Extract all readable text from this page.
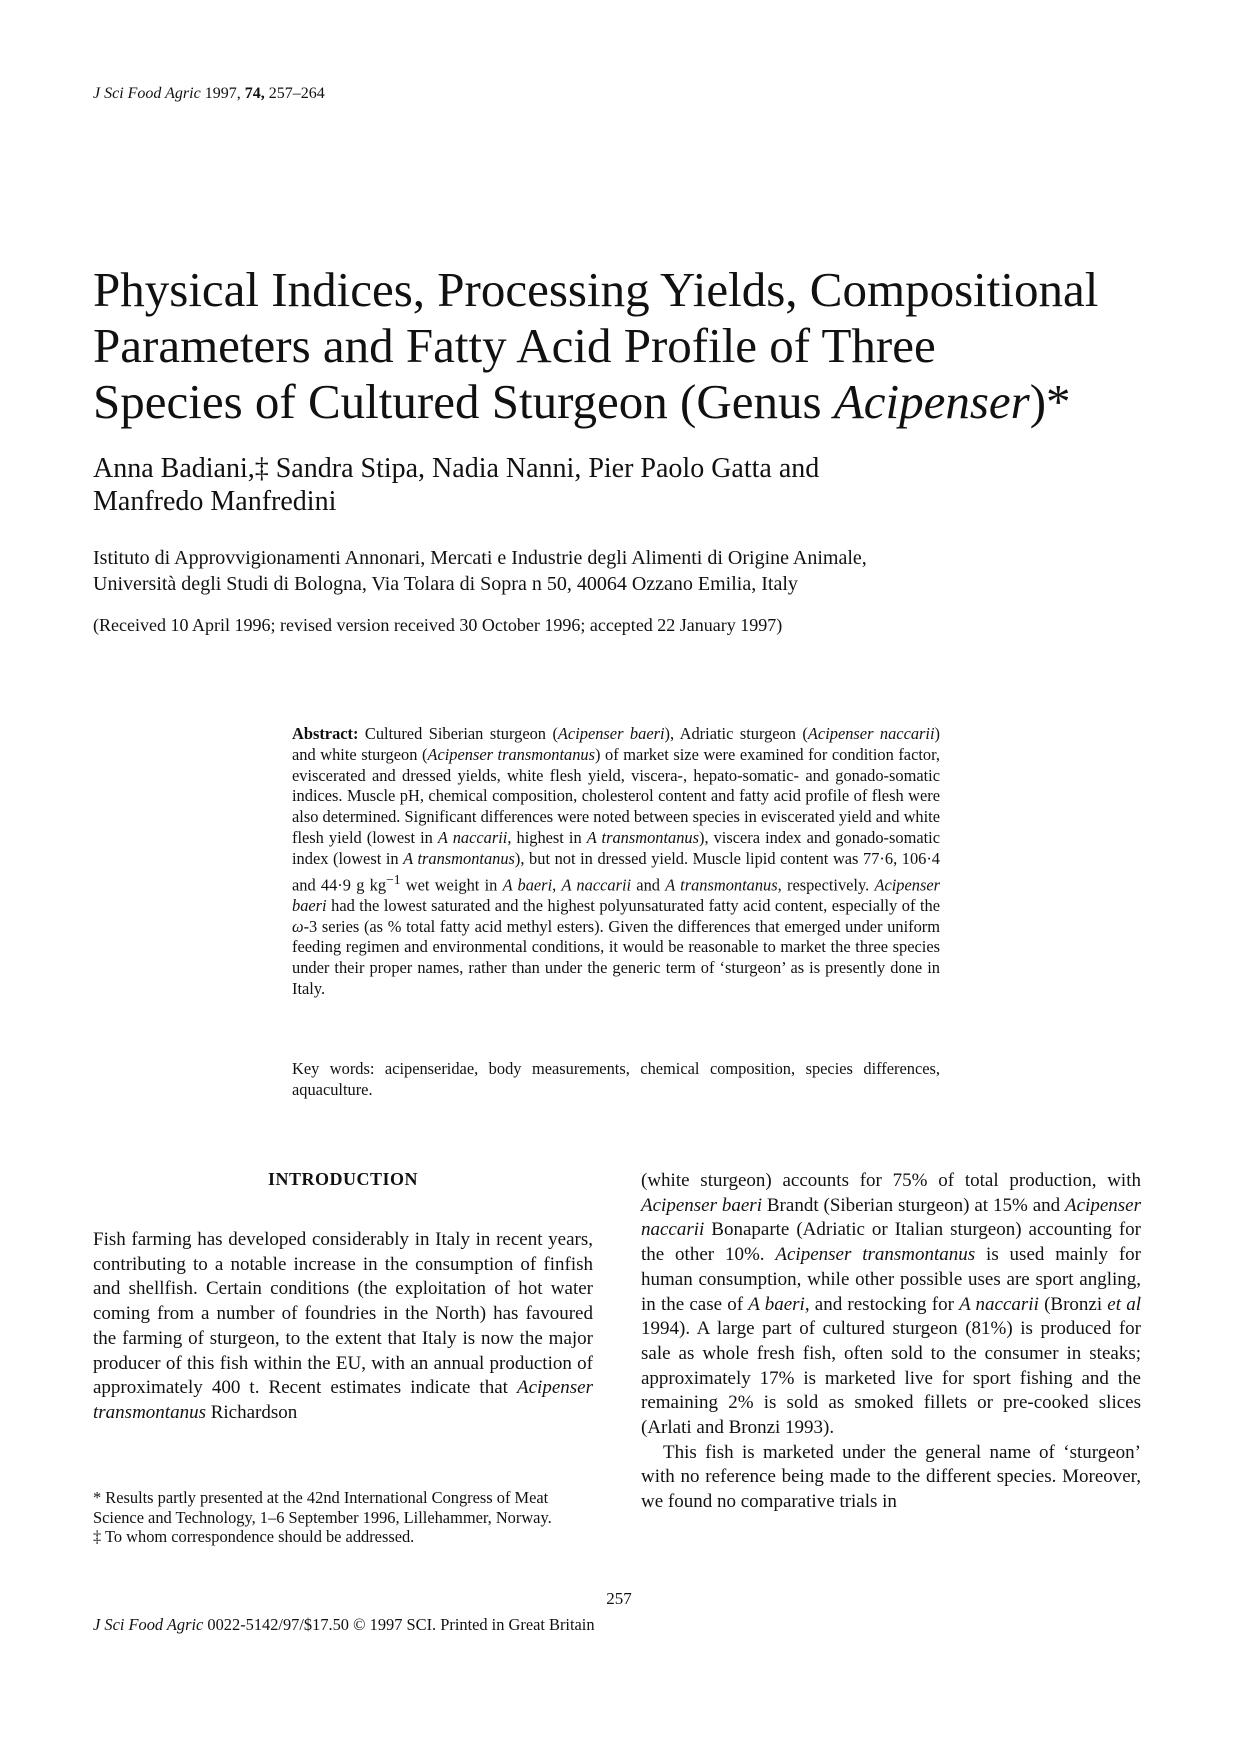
J Sci Food Agric 1997, 74, 257–264
Physical Indices, Processing Yields, Compositional
Parameters and Fatty Acid Profile of Three
Species of Cultured Sturgeon (Genus Acipenser)*
Anna Badiani,‡ Sandra Stipa, Nadia Nanni, Pier Paolo Gatta and
Manfredo Manfredini
Istituto di Approvvigionamenti Annonari, Mercati e Industrie degli Alimenti di Origine Animale,
Università degli Studi di Bologna, Via Tolara di Sopra n 50, 40064 Ozzano Emilia, Italy
(Received 10 April 1996; revised version received 30 October 1996; accepted 22 January 1997)

Abstract: Cultured Siberian sturgeon (Acipenser baeri), Adriatic sturgeon (Acipenser naccarii) and white sturgeon (Acipenser transmontanus) of market size were examined for condition factor, eviscerated and dressed yields, white flesh yield, viscera-, hepato-somatic- and gonado-somatic indices. Muscle pH, chemical composition, cholesterol content and fatty acid profile of flesh were also determined. Significant differences were noted between species in eviscerated yield and white flesh yield (lowest in A naccarii, highest in A transmontanus), viscera index and gonado-somatic index (lowest in A transmontanus), but not in dressed yield. Muscle lipid content was 77·6, 106·4 and 44·9 g $kg^{-1}$ wet weight in A baeri, A naccarii and A transmontanus, respectively. Acipenser baeri had the lowest saturated and the highest polyunsaturated fatty acid content, especially of the ω-3 series (as % total fatty acid methyl esters). Given the differences that emerged under uniform feeding regimen and environmental conditions, it would be reasonable to market the three species under their proper names, rather than under the generic term of ‘sturgeon’ as is presently done in Italy.

Key words: acipenseridae, body measurements, chemical composition, species differences, aquaculture.

INTRODUCTION

Fish farming has developed considerably in Italy in recent years, contributing to a notable increase in the consumption of finfish and shellfish. Certain conditions (the exploitation of hot water coming from a number of foundries in the North) has favoured the farming of sturgeon, to the extent that Italy is now the major producer of this fish within the EU, with an annual production of approximately 400 t. Recent estimates indicate that Acipenser transmontanus Richardson

(white sturgeon) accounts for 75% of total production, with Acipenser baeri Brandt (Siberian sturgeon) at 15% and Acipenser naccarii Bonaparte (Adriatic or Italian sturgeon) accounting for the other 10%. Acipenser transmontanus is used mainly for human consumption, while other possible uses are sport angling, in the case of A baeri, and restocking for A naccarii (Bronzi et al 1994). A large part of cultured sturgeon (81%) is produced for sale as whole fresh fish, often sold to the consumer in steaks; approximately 17% is marketed live for sport fishing and the remaining 2% is sold as smoked fillets or pre-cooked slices (Arlati and Bronzi 1993).

This fish is marketed under the general name of ‘sturgeon’ with no reference being made to the different species. Moreover, we found no comparative trials in

* Results partly presented at the 42nd International Congress of Meat Science and Technology, 1–6 September 1996, Lillehammer, Norway.

‡ To whom correspondence should be addressed.

257
J Sci Food Agric 0022-5142/97/$17.50 © 1997 SCI. Printed in Great Britain
